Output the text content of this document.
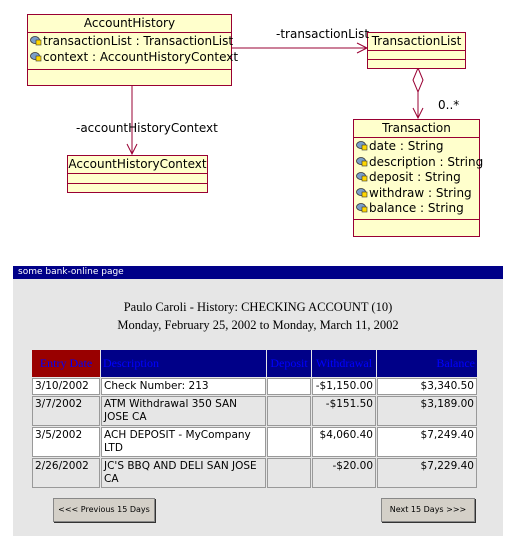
AccountHistory
transactionList : TransactionList
context : AccountHistoryContext
TransactionList
AccountHistoryContext
Transaction
date : String
description : String
deposit : String
withdraw : String
balance : String
-transactionList
-accountHistoryContext
0..*
some bank-online page
Paulo Caroli - History: CHECKING ACCOUNT (10)
Monday, February 25, 2002 to Monday, March 11, 2002
Entry Date	Description	Deposit	Withdrawal	Balance
3/10/2002	Check Number: 213		-$1,150.00	$3,340.50
3/7/2002	ATM Withdrawal 350 SAN JOSE CA		-$151.50	$3,189.00
3/5/2002	ACH DEPOSIT - MyCompany LTD		$4,060.40	$7,249.40
2/26/2002	JC'S BBQ AND DELI SAN JOSE CA		-$20.00	$7,229.40
<<< Previous 15 Days	Next 15 Days >>>
